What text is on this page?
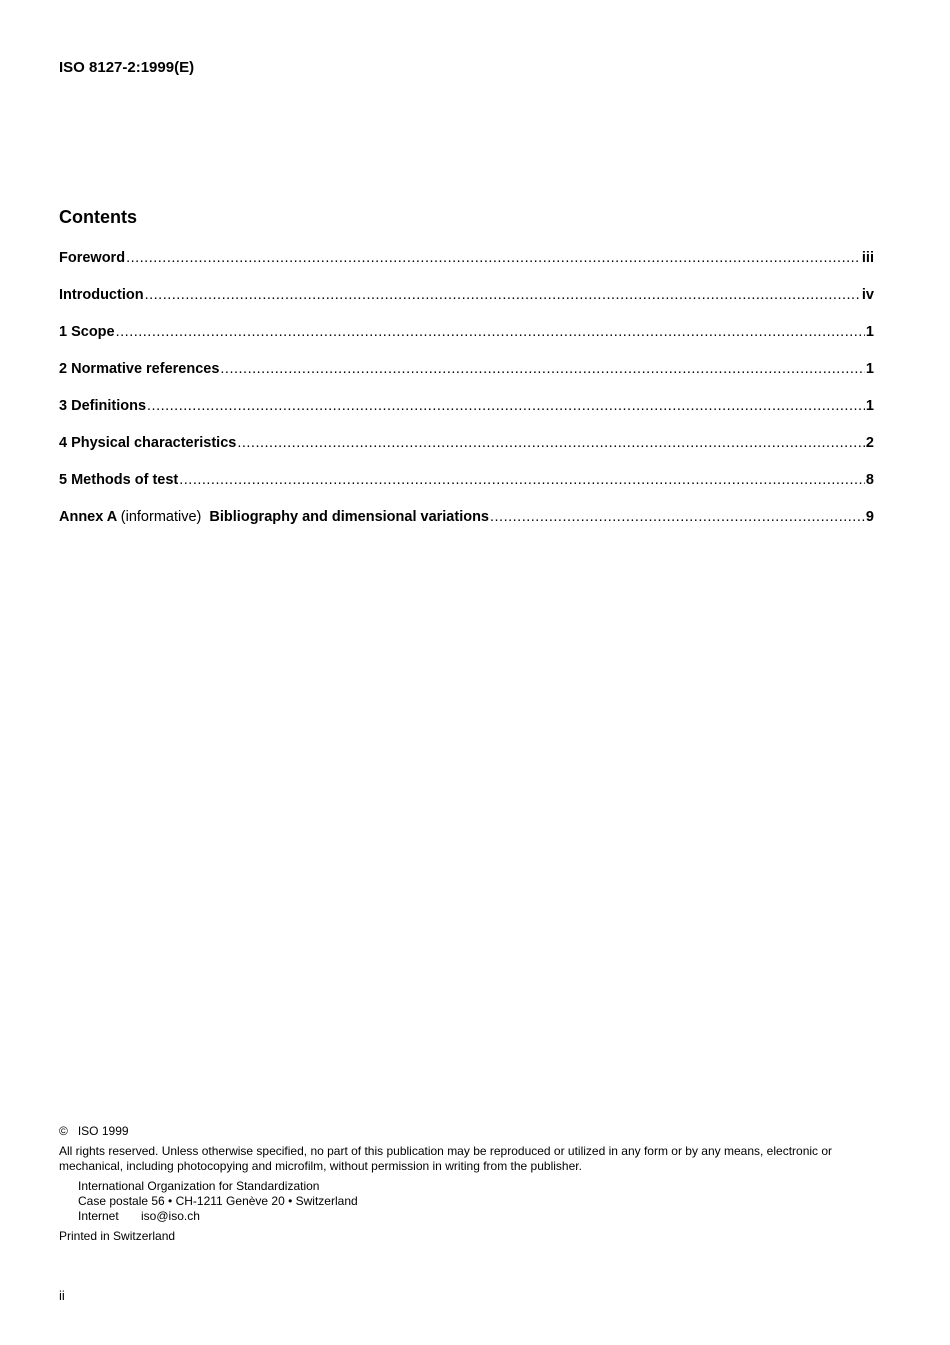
ISO 8127-2:1999(E)
Contents
Foreword .....	iii
Introduction .....	iv
1 Scope .....	1
2 Normative references .....	1
3 Definitions .....	1
4 Physical characteristics .....	2
5 Methods of test .....	8
Annex A (informative) Bibliography and dimensional variations .....	9
© ISO 1999
All rights reserved. Unless otherwise specified, no part of this publication may be reproduced or utilized in any form or by any means, electronic or mechanical, including photocopying and microfilm, without permission in writing from the publisher.
International Organization for Standardization
Case postale 56 • CH-1211 Genève 20 • Switzerland
Internet iso@iso.ch
Printed in Switzerland
ii
